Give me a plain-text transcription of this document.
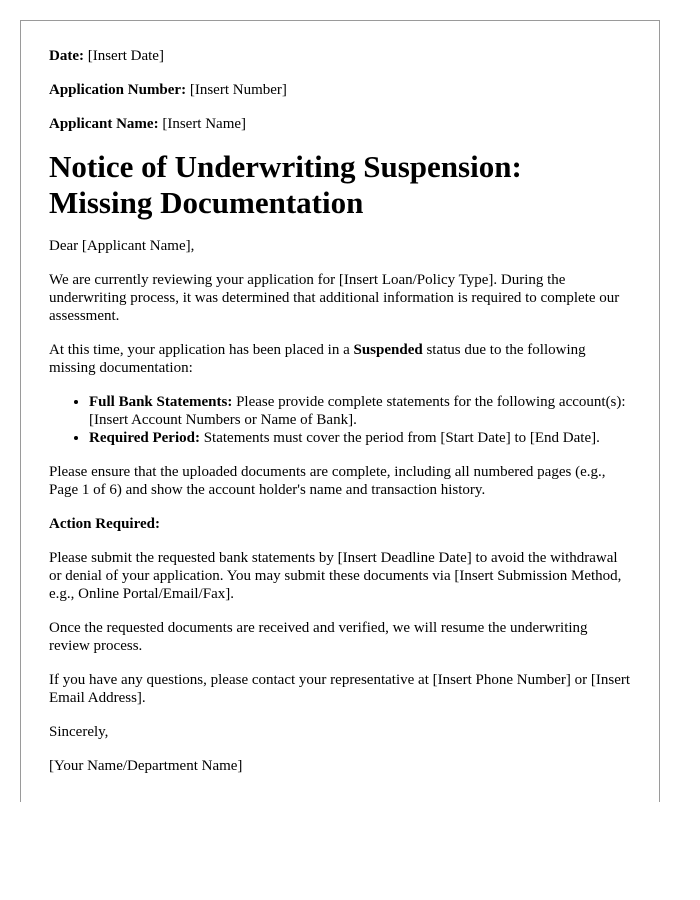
Date: [Insert Date]

Application Number: [Insert Number]

Applicant Name: [Insert Name]

Notice of Underwriting Suspension:
Missing Documentation

Dear [Applicant Name],

We are currently reviewing your application for [Insert Loan/Policy Type]. During the underwriting process, it was determined that additional information is required to complete our assessment.

At this time, your application has been placed in a Suspended status due to the following missing documentation:

• Full Bank Statements: Please provide complete statements for the following account(s): [Insert Account Numbers or Name of Bank].
• Required Period: Statements must cover the period from [Start Date] to [End Date].

Please ensure that the uploaded documents are complete, including all numbered pages (e.g., Page 1 of 6) and show the account holder's name and transaction history.

Action Required:

Please submit the requested bank statements by [Insert Deadline Date] to avoid the withdrawal or denial of your application. You may submit these documents via [Insert Submission Method, e.g., Online Portal/Email/Fax].

Once the requested documents are received and verified, we will resume the underwriting review process.

If you have any questions, please contact your representative at [Insert Phone Number] or [Insert Email Address].

Sincerely,

[Your Name/Department Name]
